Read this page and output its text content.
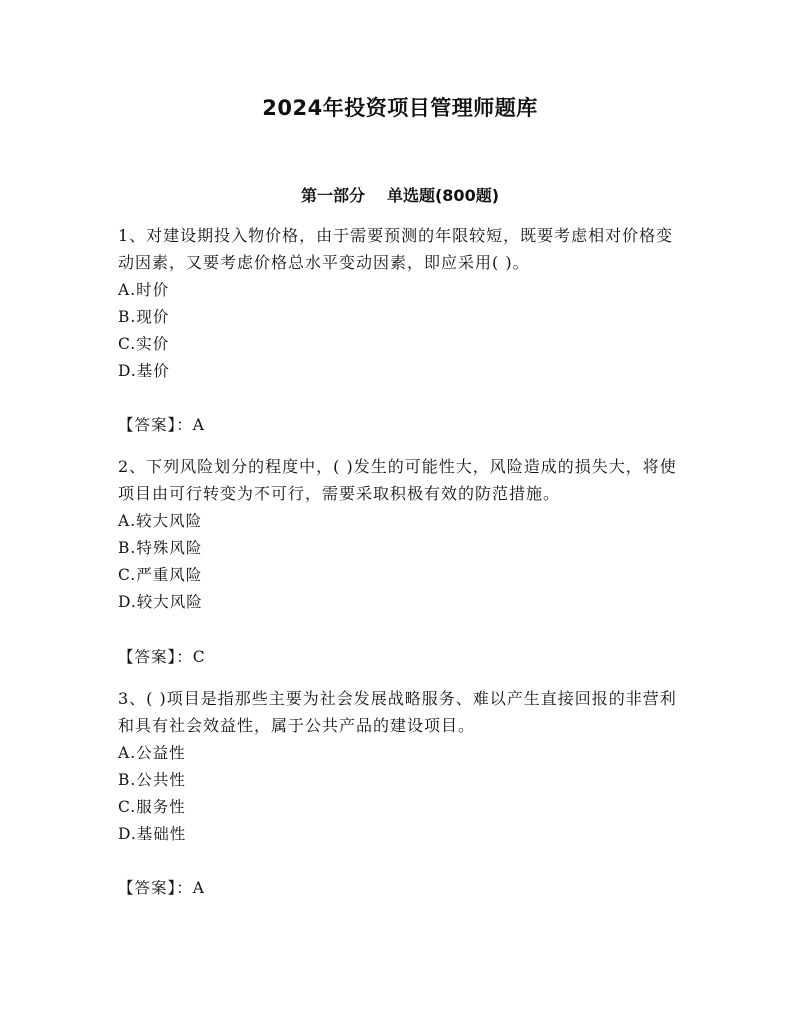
2024年投资项目管理师题库
第一部分 单选题(800题)
1、对建设期投入物价格，由于需要预测的年限较短，既要考虑相对价格变动因素，又要考虑价格总水平变动因素，即应采用( )。
A.时价
B.现价
C.实价
D.基价
【答案】：A
2、下列风险划分的程度中，( )发生的可能性大，风险造成的损失大，将使项目由可行转变为不可行，需要采取积极有效的防范措施。
A.较大风险
B.特殊风险
C.严重风险
D.较大风险
【答案】：C
3、( )项目是指那些主要为社会发展战略服务、难以产生直接回报的非营利和具有社会效益性，属于公共产品的建设项目。
A.公益性
B.公共性
C.服务性
D.基础性
【答案】：A
